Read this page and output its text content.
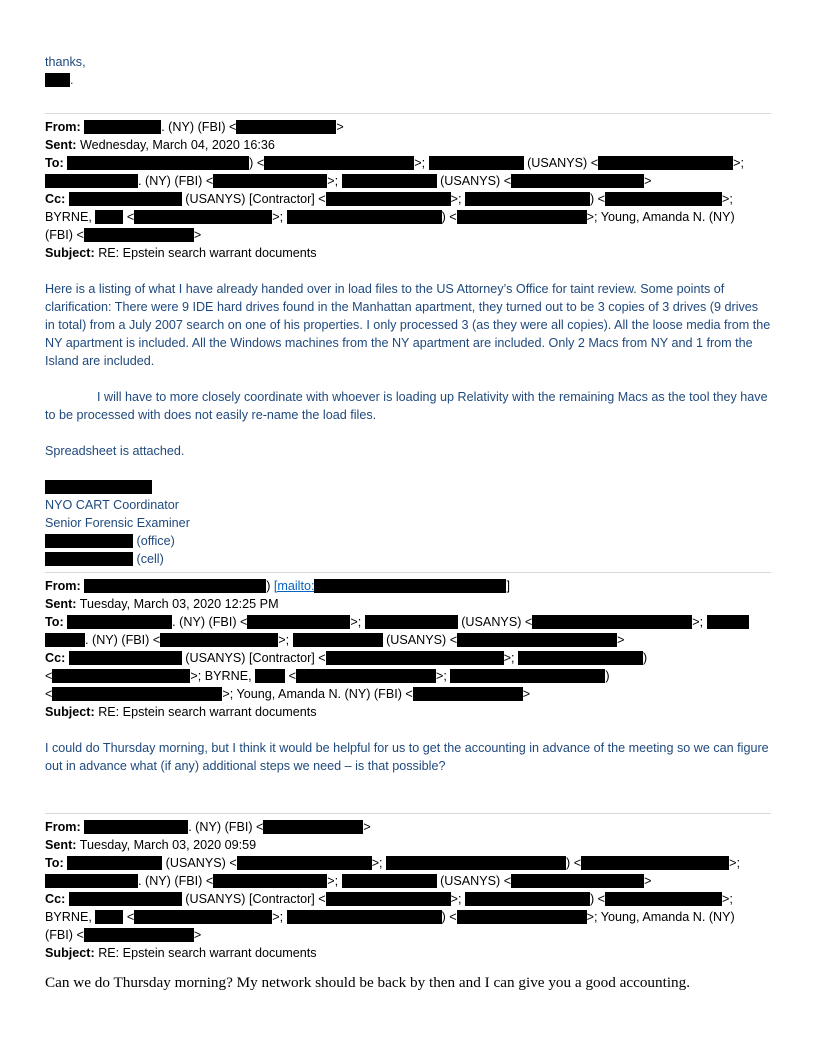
thanks,
.
From:	. (NY) (FBI) <	>
Sent: Wednesday, March 04, 2020 16:36
To:	) <	>;	(USANYS) <	>;
. (NY) (FBI) <	>;	(USANYS) <	>
Cc:	(USANYS) [Contractor] <	>;	) <	>;
BYRNE,	<	>;	) <	>; Young, Amanda N. (NY)
(FBI) <	>
Subject: RE: Epstein search warrant documents
Here is a listing of what I have already handed over in load files to the US Attorney’s Office for taint review. Some points of clarification: There were 9 IDE hard drives found in the Manhattan apartment, they turned out to be 3 copies of 3 drives (9 drives in total) from a July 2007 search on one of his properties. I only processed 3 (as they were all copies). All the loose media from the NY apartment is included. All the Windows machines from the NY apartment are included. Only 2 Macs from NY and 1 from the Island are included.
I will have to more closely coordinate with whoever is loading up Relativity with the remaining Macs as the tool they have to be processed with does not easily re-name the load files.
Spreadsheet is attached.
NYO CART Coordinator
Senior Forensic Examiner
(office)
(cell)
From:	) [mailto:	]
Sent: Tuesday, March 03, 2020 12:25 PM
To:	. (NY) (FBI) <	>;	(USANYS) <	>;
. (NY) (FBI) <	>;	(USANYS) <	>
Cc:	(USANYS) [Contractor] <	>;	)
<	>; BYRNE,	<	>;	)
<	>; Young, Amanda N. (NY) (FBI) <	>
Subject: RE: Epstein search warrant documents
I could do Thursday morning, but I think it would be helpful for us to get the accounting in advance of the meeting so we can figure out in advance what (if any) additional steps we need – is that possible?
From:	. (NY) (FBI) <	>
Sent: Tuesday, March 03, 2020 09:59
To:	(USANYS) <	>;	) <	>;
. (NY) (FBI) <	>;	(USANYS) <	>
Cc:	(USANYS) [Contractor] <	>;	) <	>;
BYRNE,	<	>;	) <	>; Young, Amanda N. (NY)
(FBI) <	>
Subject: RE: Epstein search warrant documents
Can we do Thursday morning? My network should be back by then and I can give you a good accounting.
